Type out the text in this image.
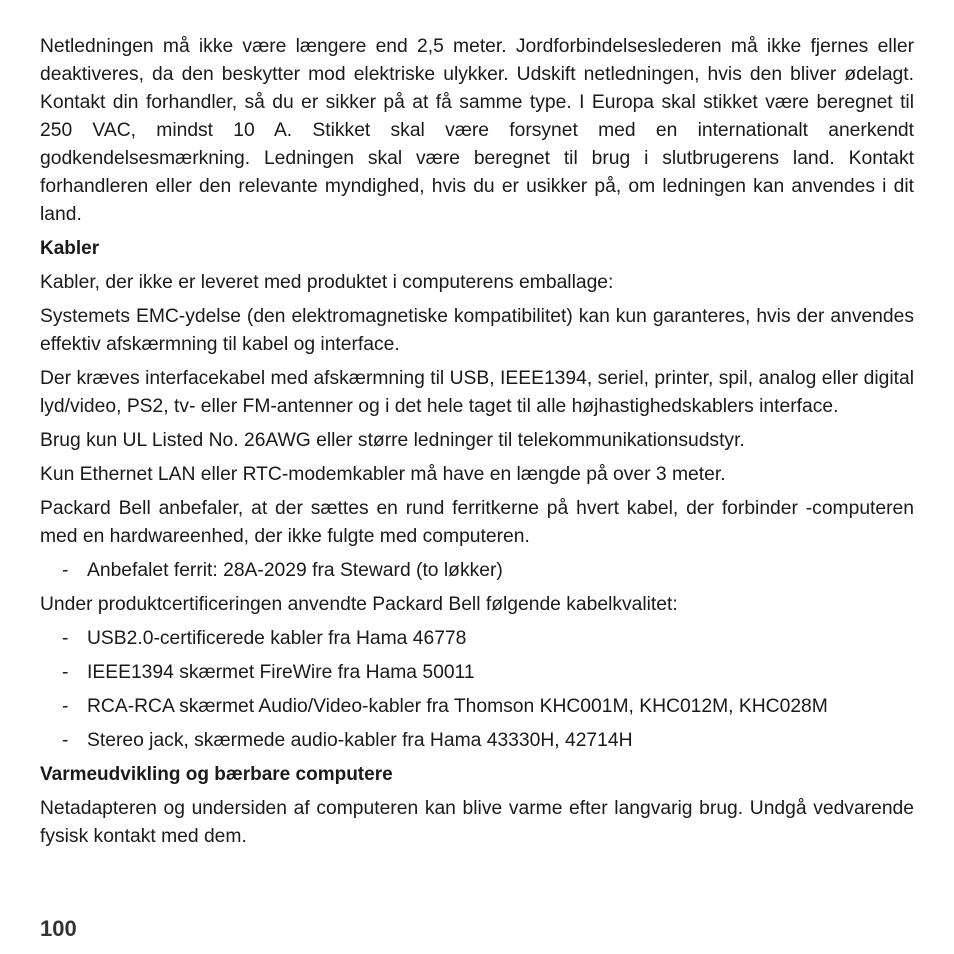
Netledningen må ikke være længere end 2,5 meter. Jordforbindelseslederen må ikke fjernes eller deaktiveres, da den beskytter mod elektriske ulykker. Udskift netledningen, hvis den bliver ødelagt. Kontakt din forhandler, så du er sikker på at få samme type. I Europa skal stikket være beregnet til 250 VAC, mindst 10 A. Stikket skal være forsynet med en internationalt anerkendt godkendelsesmærkning. Ledningen skal være beregnet til brug i slutbrugerens land. Kontakt forhandleren eller den relevante myndighed, hvis du er usikker på, om ledningen kan anvendes i dit land.

Kabler

Kabler, der ikke er leveret med produktet i computerens emballage:

Systemets EMC-ydelse (den elektromagnetiske kompatibilitet) kan kun garanteres, hvis der anvendes effektiv afskærmning til kabel og interface.

Der kræves interfacekabel med afskærmning til USB, IEEE1394, seriel, printer, spil, analog eller digital lyd/video, PS2, tv- eller FM-antenner og i det hele taget til alle højhastighedskablers interface.

Brug kun UL Listed No. 26AWG eller større ledninger til telekommunikationsudstyr.

Kun Ethernet LAN eller RTC-modemkabler må have en længde på over 3 meter.

Packard Bell anbefaler, at der sættes en rund ferritkerne på hvert kabel, der forbinder -computeren med en hardwareenhed, der ikke fulgte med computeren.

- Anbefalet ferrit: 28A-2029 fra Steward (to løkker)

Under produktcertificeringen anvendte Packard Bell følgende kabelkvalitet:

- USB2.0-certificerede kabler fra Hama 46778
- IEEE1394 skærmet FireWire fra Hama 50011
- RCA-RCA skærmet Audio/Video-kabler fra Thomson KHC001M, KHC012M, KHC028M
- Stereo jack, skærmede audio-kabler fra Hama 43330H, 42714H
Varmeudvikling og bærbare computere

Netadapteren og undersiden af computeren kan blive varme efter langvarig brug. Undgå vedvarende fysisk kontakt med dem.

100
